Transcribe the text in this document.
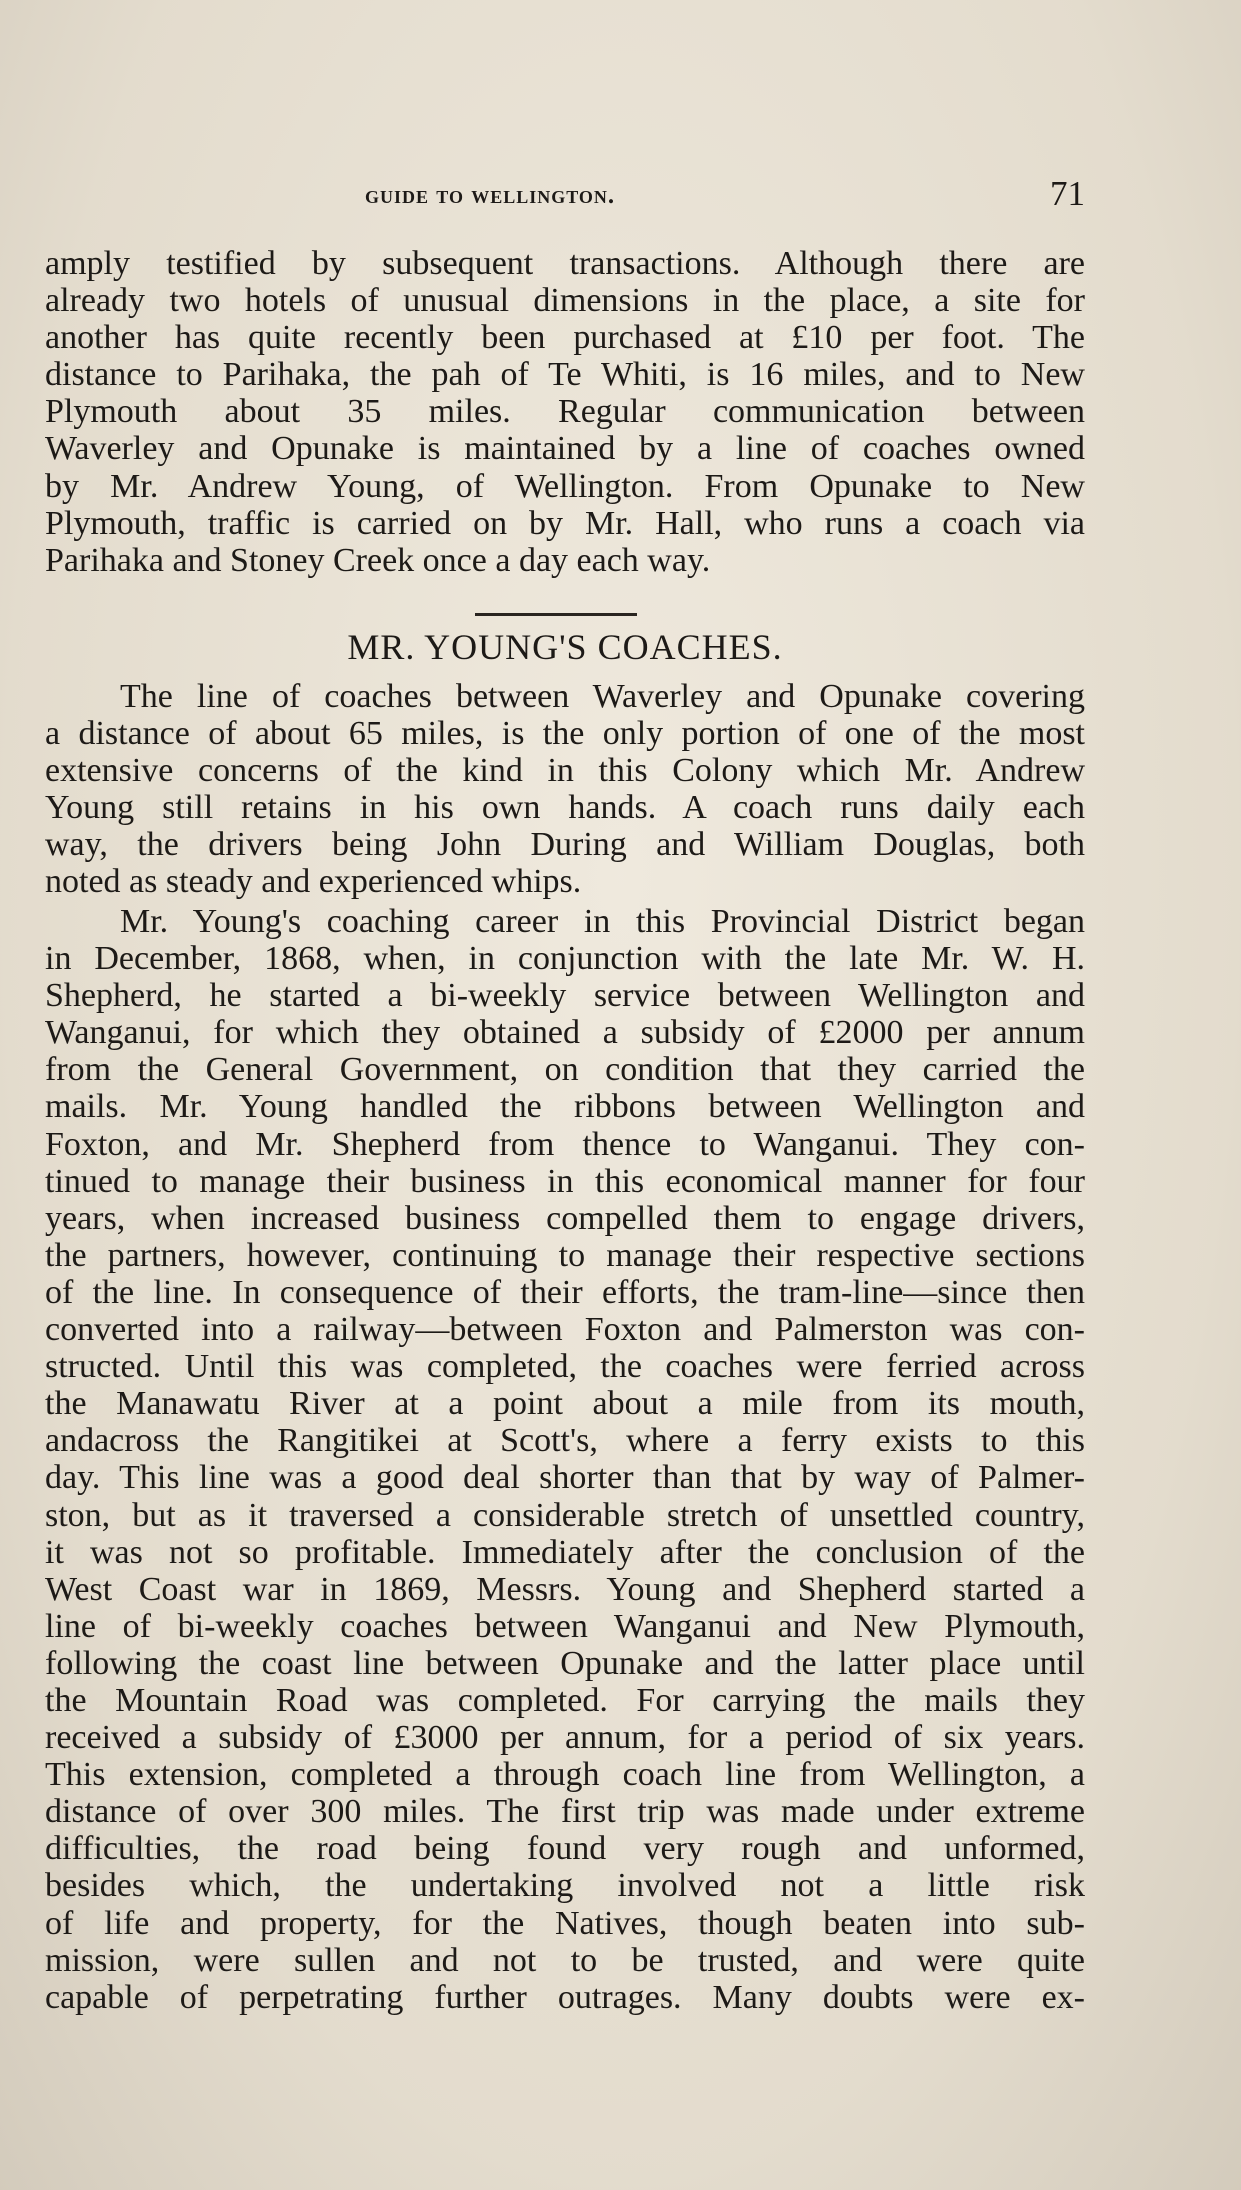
guide to wellington.	71
amply testified by subsequent transactions. Although there are
already two hotels of unusual dimensions in the place, a site for
another has quite recently been purchased at £10 per foot. The
distance to Parihaka, the pah of Te Whiti, is 16 miles, and to New
Plymouth about 35 miles. Regular communication between
Waverley and Opunake is maintained by a line of coaches owned
by Mr. Andrew Young, of Wellington. From Opunake to New
Plymouth, traffic is carried on by Mr. Hall, who runs a coach via
Parihaka and Stoney Creek once a day each way.
MR. YOUNG'S COACHES.
The line of coaches between Waverley and Opunake covering
a distance of about 65 miles, is the only portion of one of the most
extensive concerns of the kind in this Colony which Mr. Andrew
Young still retains in his own hands. A coach runs daily each
way, the drivers being John During and William Douglas, both
noted as steady and experienced whips.
Mr. Young's coaching career in this Provincial District began
in December, 1868, when, in conjunction with the late Mr. W. H.
Shepherd, he started a bi-weekly service between Wellington and
Wanganui, for which they obtained a subsidy of £2000 per annum
from the General Government, on condition that they carried the
mails. Mr. Young handled the ribbons between Wellington and
Foxton, and Mr. Shepherd from thence to Wanganui. They con-
tinued to manage their business in this economical manner for four
years, when increased business compelled them to engage drivers,
the partners, however, continuing to manage their respective sections
of the line. In consequence of their efforts, the tram-line—since then
converted into a railway—between Foxton and Palmerston was con-
structed. Until this was completed, the coaches were ferried across
the Manawatu River at a point about a mile from its mouth,
andacross the Rangitikei at Scott's, where a ferry exists to this
day. This line was a good deal shorter than that by way of Palmer-
ston, but as it traversed a considerable stretch of unsettled country,
it was not so profitable. Immediately after the conclusion of the
West Coast war in 1869, Messrs. Young and Shepherd started a
line of bi-weekly coaches between Wanganui and New Plymouth,
following the coast line between Opunake and the latter place until
the Mountain Road was completed. For carrying the mails they
received a subsidy of £3000 per annum, for a period of six years.
This extension, completed a through coach line from Wellington, a
distance of over 300 miles. The first trip was made under extreme
difficulties, the road being found very rough and unformed,
besides which, the undertaking involved not a little risk
of life and property, for the Natives, though beaten into sub-
mission, were sullen and not to be trusted, and were quite
capable of perpetrating further outrages. Many doubts were ex-
